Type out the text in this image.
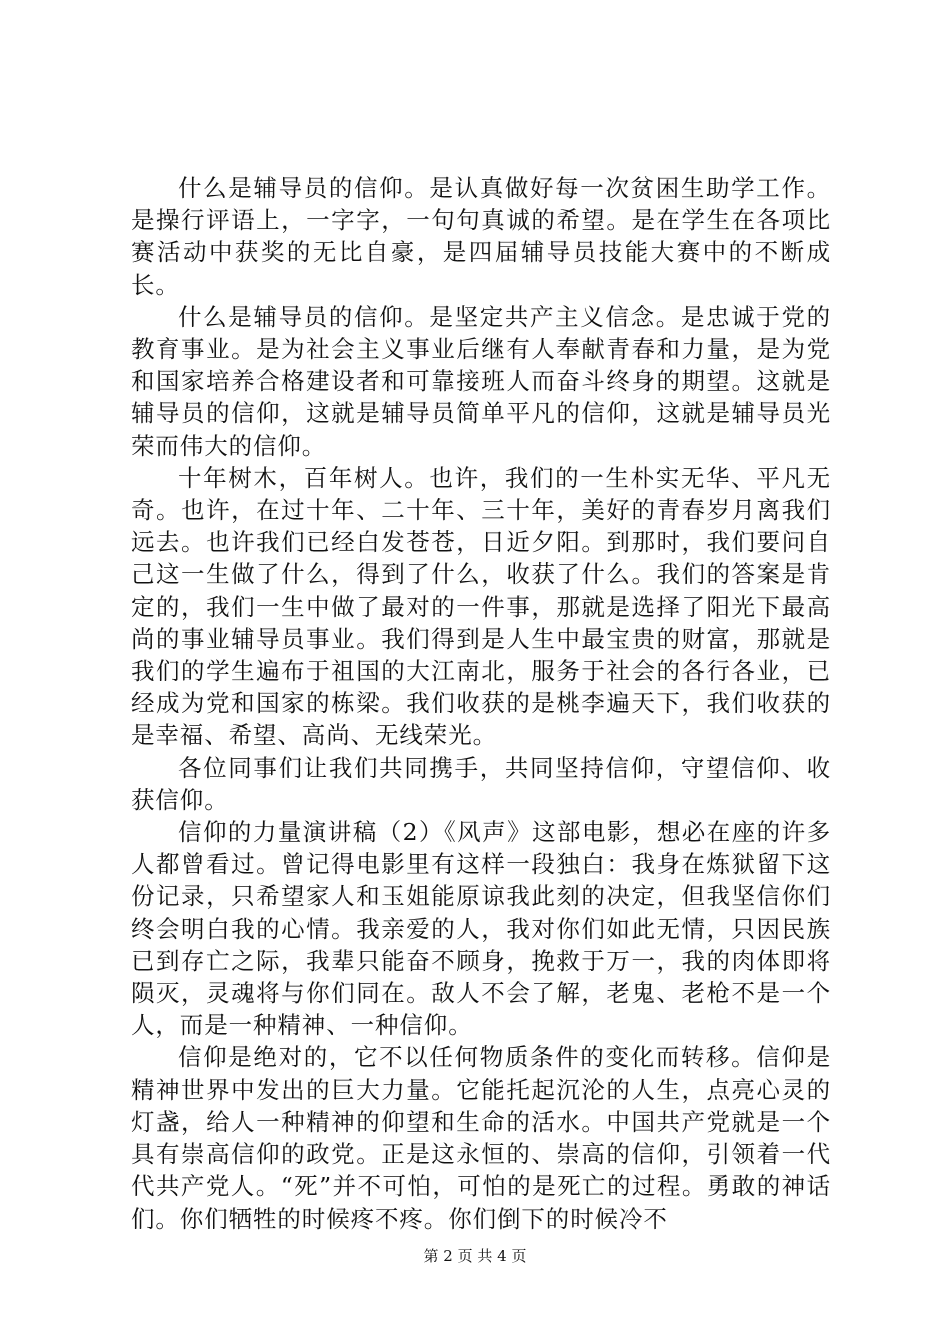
什么是辅导员的信仰。是认真做好每一次贫困生助学工作。是操行评语上，一字字，一句句真诚的希望。是在学生在各项比赛活动中获奖的无比自豪，是四届辅导员技能大赛中的不断成长。

什么是辅导员的信仰。是坚定共产主义信念。是忠诚于党的教育事业。是为社会主义事业后继有人奉献青春和力量，是为党和国家培养合格建设者和可靠接班人而奋斗终身的期望。这就是辅导员的信仰，这就是辅导员简单平凡的信仰，这就是辅导员光荣而伟大的信仰。

十年树木，百年树人。也许，我们的一生朴实无华、平凡无奇。也许，在过十年、二十年、三十年，美好的青春岁月离我们远去。也许我们已经白发苍苍，日近夕阳。到那时，我们要问自己这一生做了什么，得到了什么，收获了什么。我们的答案是肯定的，我们一生中做了最对的一件事，那就是选择了阳光下最高尚的事业辅导员事业。我们得到是人生中最宝贵的财富，那就是我们的学生遍布于祖国的大江南北，服务于社会的各行各业，已经成为党和国家的栋梁。我们收获的是桃李遍天下，我们收获的是幸福、希望、高尚、无线荣光。

各位同事们让我们共同携手，共同坚持信仰，守望信仰、收获信仰。

信仰的力量演讲稿（2）《风声》这部电影，想必在座的许多人都曾看过。曾记得电影里有这样一段独白：我身在炼狱留下这份记录，只希望家人和玉姐能原谅我此刻的决定，但我坚信你们终会明白我的心情。我亲爱的人，我对你们如此无情，只因民族已到存亡之际，我辈只能奋不顾身，挽救于万一，我的肉体即将陨灭，灵魂将与你们同在。敌人不会了解，老鬼、老枪不是一个人，而是一种精神、一种信仰。

信仰是绝对的，它不以任何物质条件的变化而转移。信仰是精神世界中发出的巨大力量。它能托起沉沦的人生，点亮心灵的灯盏，给人一种精神的仰望和生命的活水。中国共产党就是一个具有崇高信仰的政党。正是这永恒的、崇高的信仰，引领着一代代共产党人。“死”并不可怕，可怕的是死亡的过程。勇敢的神话们。你们牺牲的时候疼不疼。你们倒下的时候冷不

第 2 页 共 4 页
